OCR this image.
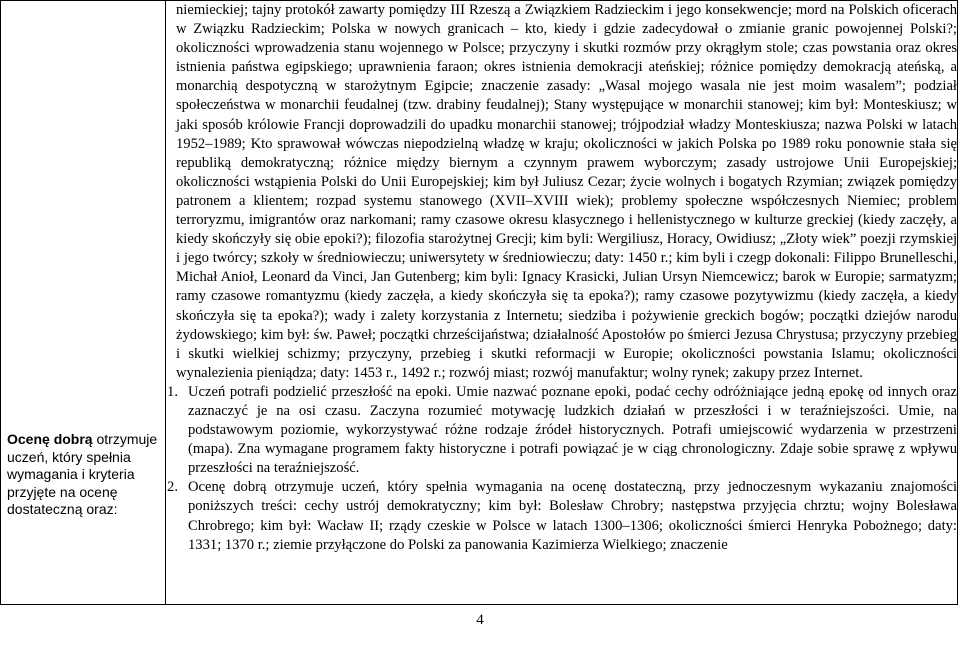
Ocenę dobrą otrzymuje uczeń, który spełnia wymagania i kryteria przyjęte na ocenę dostateczną oraz:

niemieckiej; tajny protokół zawarty pomiędzy III Rzeszą a Związkiem Radzieckim i jego konsekwencje; mord na Polskich oficerach w Związku Radzieckim; Polska w nowych granicach – kto, kiedy i gdzie zadecydował o zmianie granic powojennej Polski?; okoliczności wprowadzenia stanu wojennego w Polsce; przyczyny i skutki rozmów przy okrągłym stole; czas powstania oraz okres istnienia państwa egipskiego; uprawnienia faraon; okres istnienia demokracji ateńskiej; różnice pomiędzy demokracją ateńską, a monarchią despotyczną w starożytnym Egipcie; znaczenie zasady: „Wasal mojego wasala nie jest moim wasalem”; podział społeczeństwa w monarchii feudalnej (tzw. drabiny feudalnej); Stany występujące w monarchii stanowej; kim był: Monteskiusz; w jaki sposób królowie Francji doprowadzili do upadku monarchii stanowej; trójpodział władzy Monteskiusza; nazwa Polski w latach 1952–1989; Kto sprawował wówczas niepodzielną władzę w kraju; okoliczności w jakich Polska po 1989 roku ponownie stała się republiką demokratyczną; różnice między biernym a czynnym prawem wyborczym; zasady ustrojowe Unii Europejskiej; okoliczności wstąpienia Polski do Unii Europejskiej; kim był Juliusz Cezar; życie wolnych i bogatych Rzymian; związek pomiędzy patronem a klientem; rozpad systemu stanowego (XVII–XVIII wiek); problemy społeczne współczesnych Niemiec; problem terroryzmu, imigrantów oraz narkomani; ramy czasowe okresu klasycznego i hellenistycznego w kulturze greckiej (kiedy zaczęły, a kiedy skończyły się obie epoki?); filozofia starożytnej Grecji; kim byli: Wergiliusz, Horacy, Owidiusz; „Złoty wiek” poezji rzymskiej i jego twórcy; szkoły w średniowieczu; uniwersytety w średniowieczu; daty: 1450 r.; kim byli i czegp dokonali: Filippo Brunelleschi, Michał Anioł, Leonard da Vinci, Jan Gutenberg; kim byli: Ignacy Krasicki, Julian Ursyn Niemcewicz; barok w Europie; sarmatyzm; ramy czasowe romantyzmu (kiedy zaczęła, a kiedy skończyła się ta epoka?); ramy czasowe pozytywizmu (kiedy zaczęła, a kiedy skończyła się ta epoka?); wady i zalety korzystania z Internetu; siedziba i pożywienie greckich bogów; początki dziejów narodu żydowskiego; kim był: św. Paweł; początki chrześcijaństwa; działalność Apostołów po śmierci Jezusa Chrystusa; przyczyny przebieg i skutki wielkiej schizmy; przyczyny, przebieg i skutki reformacji w Europie; okoliczności powstania Islamu; okoliczności wynalezienia pieniądza; daty: 1453 r., 1492 r.; rozwój miast; rozwój manufaktur; wolny rynek; zakupy przez Internet.

1. Uczeń potrafi podzielić przeszłość na epoki. Umie nazwać poznane epoki, podać cechy odróżniające jedną epokę od innych oraz zaznaczyć je na osi czasu. Zaczyna rozumieć motywację ludzkich działań w przeszłości i w teraźniejszości. Umie, na podstawowym poziomie, wykorzystywać różne rodzaje źródeł historycznych. Potrafi umiejscowić wydarzenia w przestrzeni (mapa). Zna wymagane programem fakty historyczne i potrafi powiązać je w ciąg chronologiczny. Zdaje sobie sprawę z wpływu przeszłości na teraźniejszość.
2. Ocenę dobrą otrzymuje uczeń, który spełnia wymagania na ocenę dostateczną, przy jednoczesnym wykazaniu znajomości poniższych treści: cechy ustrój demokratyczny; kim był: Bolesław Chrobry; następstwa przyjęcia chrztu; wojny Bolesława Chrobrego; kim był: Wacław II; rządy czeskie w Polsce w latach 1300–1306; okoliczności śmierci Henryka Pobożnego; daty: 1331; 1370 r.; ziemie przyłączone do Polski za panowania Kazimierza Wielkiego; znaczenie
4
